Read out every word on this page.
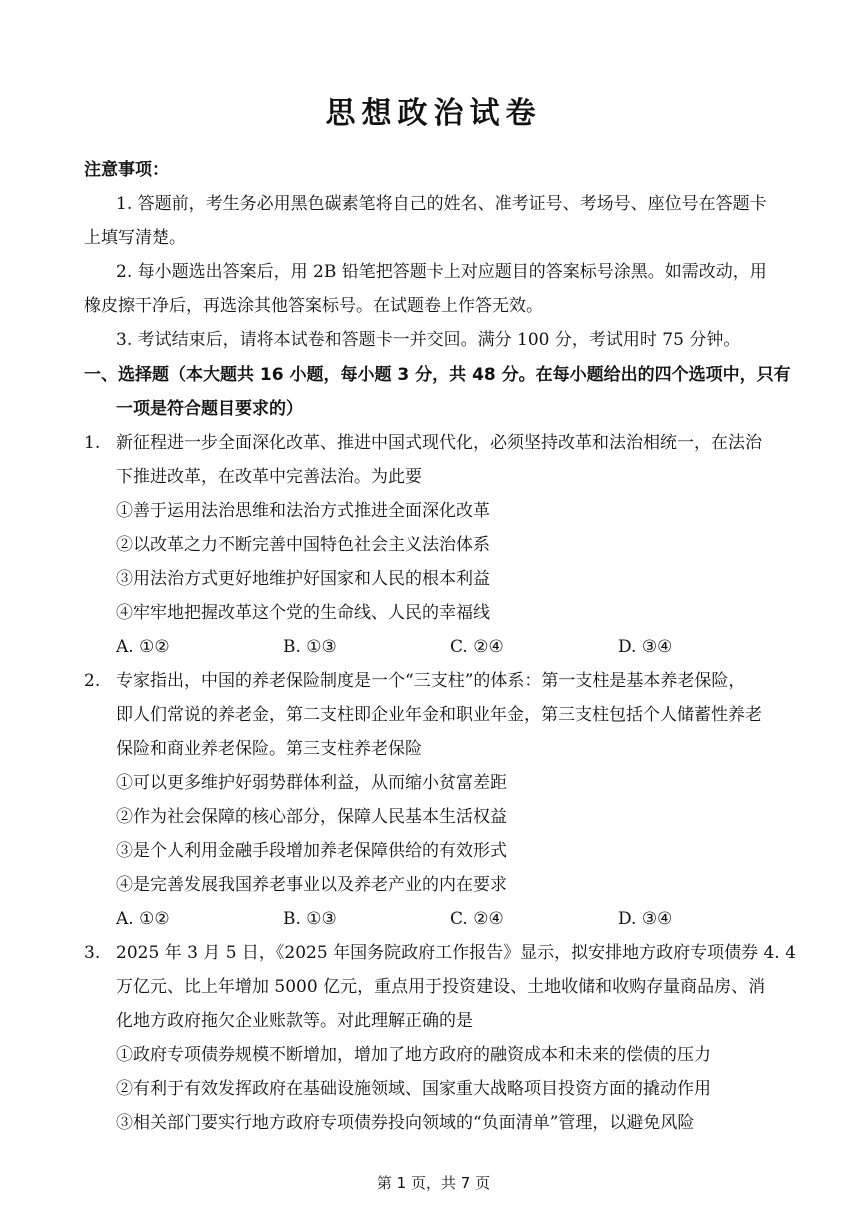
思想政治试卷
注意事项：
1. 答题前，考生务必用黑色碳素笔将自己的姓名、准考证号、考场号、座位号在答题卡
上填写清楚。
2. 每小题选出答案后，用 2B 铅笔把答题卡上对应题目的答案标号涂黑。如需改动，用
橡皮擦干净后，再选涂其他答案标号。在试题卷上作答无效。
3. 考试结束后，请将本试卷和答题卡一并交回。满分 100 分，考试用时 75 分钟。
一、选择题（本大题共 16 小题，每小题 3 分，共 48 分。在每小题给出的四个选项中，只有
一项是符合题目要求的）
1. 新征程进一步全面深化改革、推进中国式现代化，必须坚持改革和法治相统一，在法治
下推进改革，在改革中完善法治。为此要
①善于运用法治思维和法治方式推进全面深化改革
②以改革之力不断完善中国特色社会主义法治体系
③用法治方式更好地维护好国家和人民的根本利益
④牢牢地把握改革这个党的生命线、人民的幸福线
A. ①②	B. ①③	C. ②④	D. ③④
2. 专家指出，中国的养老保险制度是一个“三支柱”的体系：第一支柱是基本养老保险，
即人们常说的养老金，第二支柱即企业年金和职业年金，第三支柱包括个人储蓄性养老
保险和商业养老保险。第三支柱养老保险
①可以更多维护好弱势群体利益，从而缩小贫富差距
②作为社会保障的核心部分，保障人民基本生活权益
③是个人利用金融手段增加养老保障供给的有效形式
④是完善发展我国养老事业以及养老产业的内在要求
A. ①②	B. ①③	C. ②④	D. ③④
3. 2025 年 3 月 5 日，《2025 年国务院政府工作报告》显示，拟安排地方政府专项债券 4. 4
万亿元、比上年增加 5000 亿元，重点用于投资建设、土地收储和收购存量商品房、消
化地方政府拖欠企业账款等。对此理解正确的是
①政府专项债券规模不断增加，增加了地方政府的融资成本和未来的偿债的压力
②有利于有效发挥政府在基础设施领域、国家重大战略项目投资方面的撬动作用
③相关部门要实行地方政府专项债券投向领域的“负面清单”管理，以避免风险
第 1 页，共 7 页
